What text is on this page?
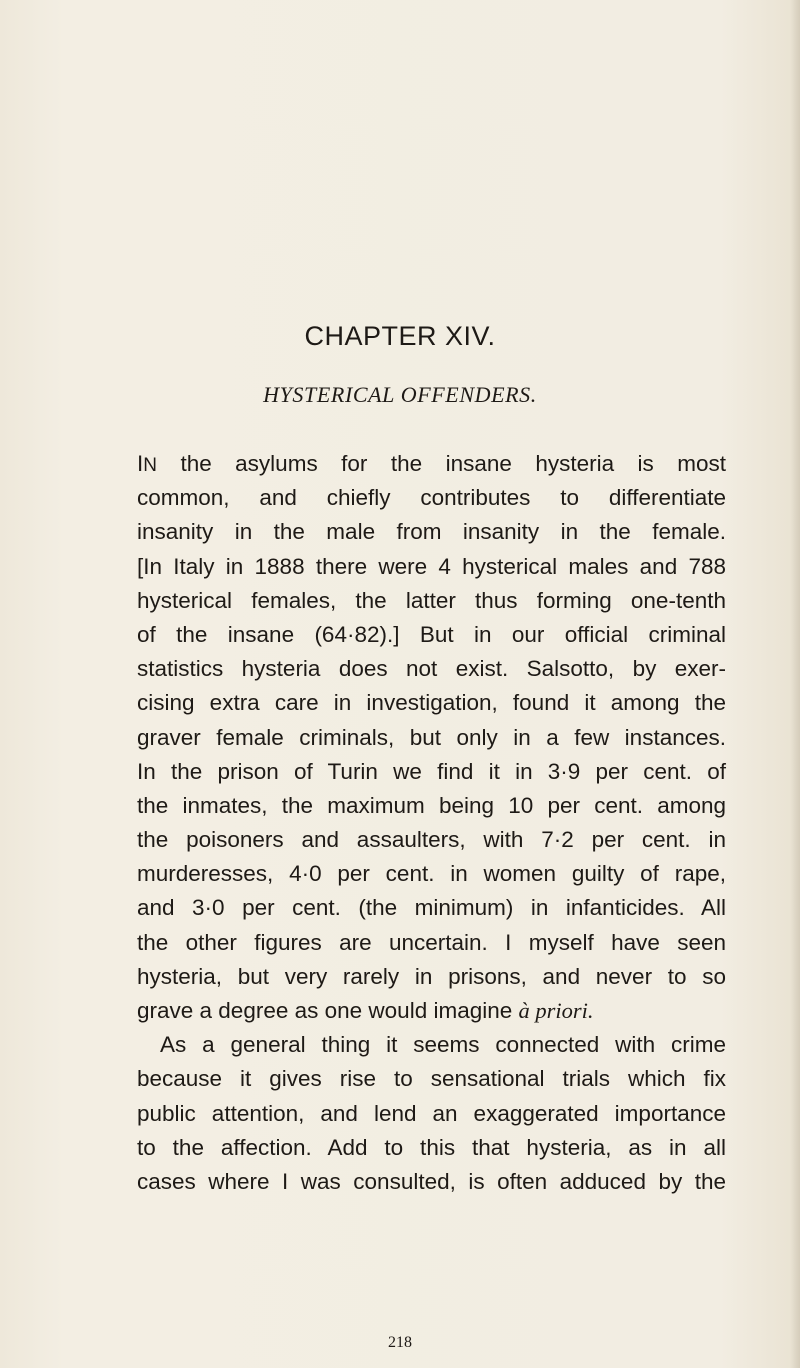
CHAPTER XIV.
HYSTERICAL OFFENDERS.
IN the asylums for the insane hysteria is most
common, and chiefly contributes to differentiate
insanity in the male from insanity in the female.
[In Italy in 1888 there were 4 hysterical males and 788
hysterical females, the latter thus forming one-tenth
of the insane (64·82).] But in our official criminal
statistics hysteria does not exist. Salsotto, by exer-
cising extra care in investigation, found it among the
graver female criminals, but only in a few instances.
In the prison of Turin we find it in 3·9 per cent. of
the inmates, the maximum being 10 per cent. among
the poisoners and assaulters, with 7·2 per cent. in
murderesses, 4·0 per cent. in women guilty of rape,
and 3·0 per cent. (the minimum) in infanticides. All
the other figures are uncertain. I myself have seen
hysteria, but very rarely in prisons, and never to so
grave a degree as one would imagine à priori.
As a general thing it seems connected with crime
because it gives rise to sensational trials which fix
public attention, and lend an exaggerated importance
to the affection. Add to this that hysteria, as in all
cases where I was consulted, is often adduced by the
218
